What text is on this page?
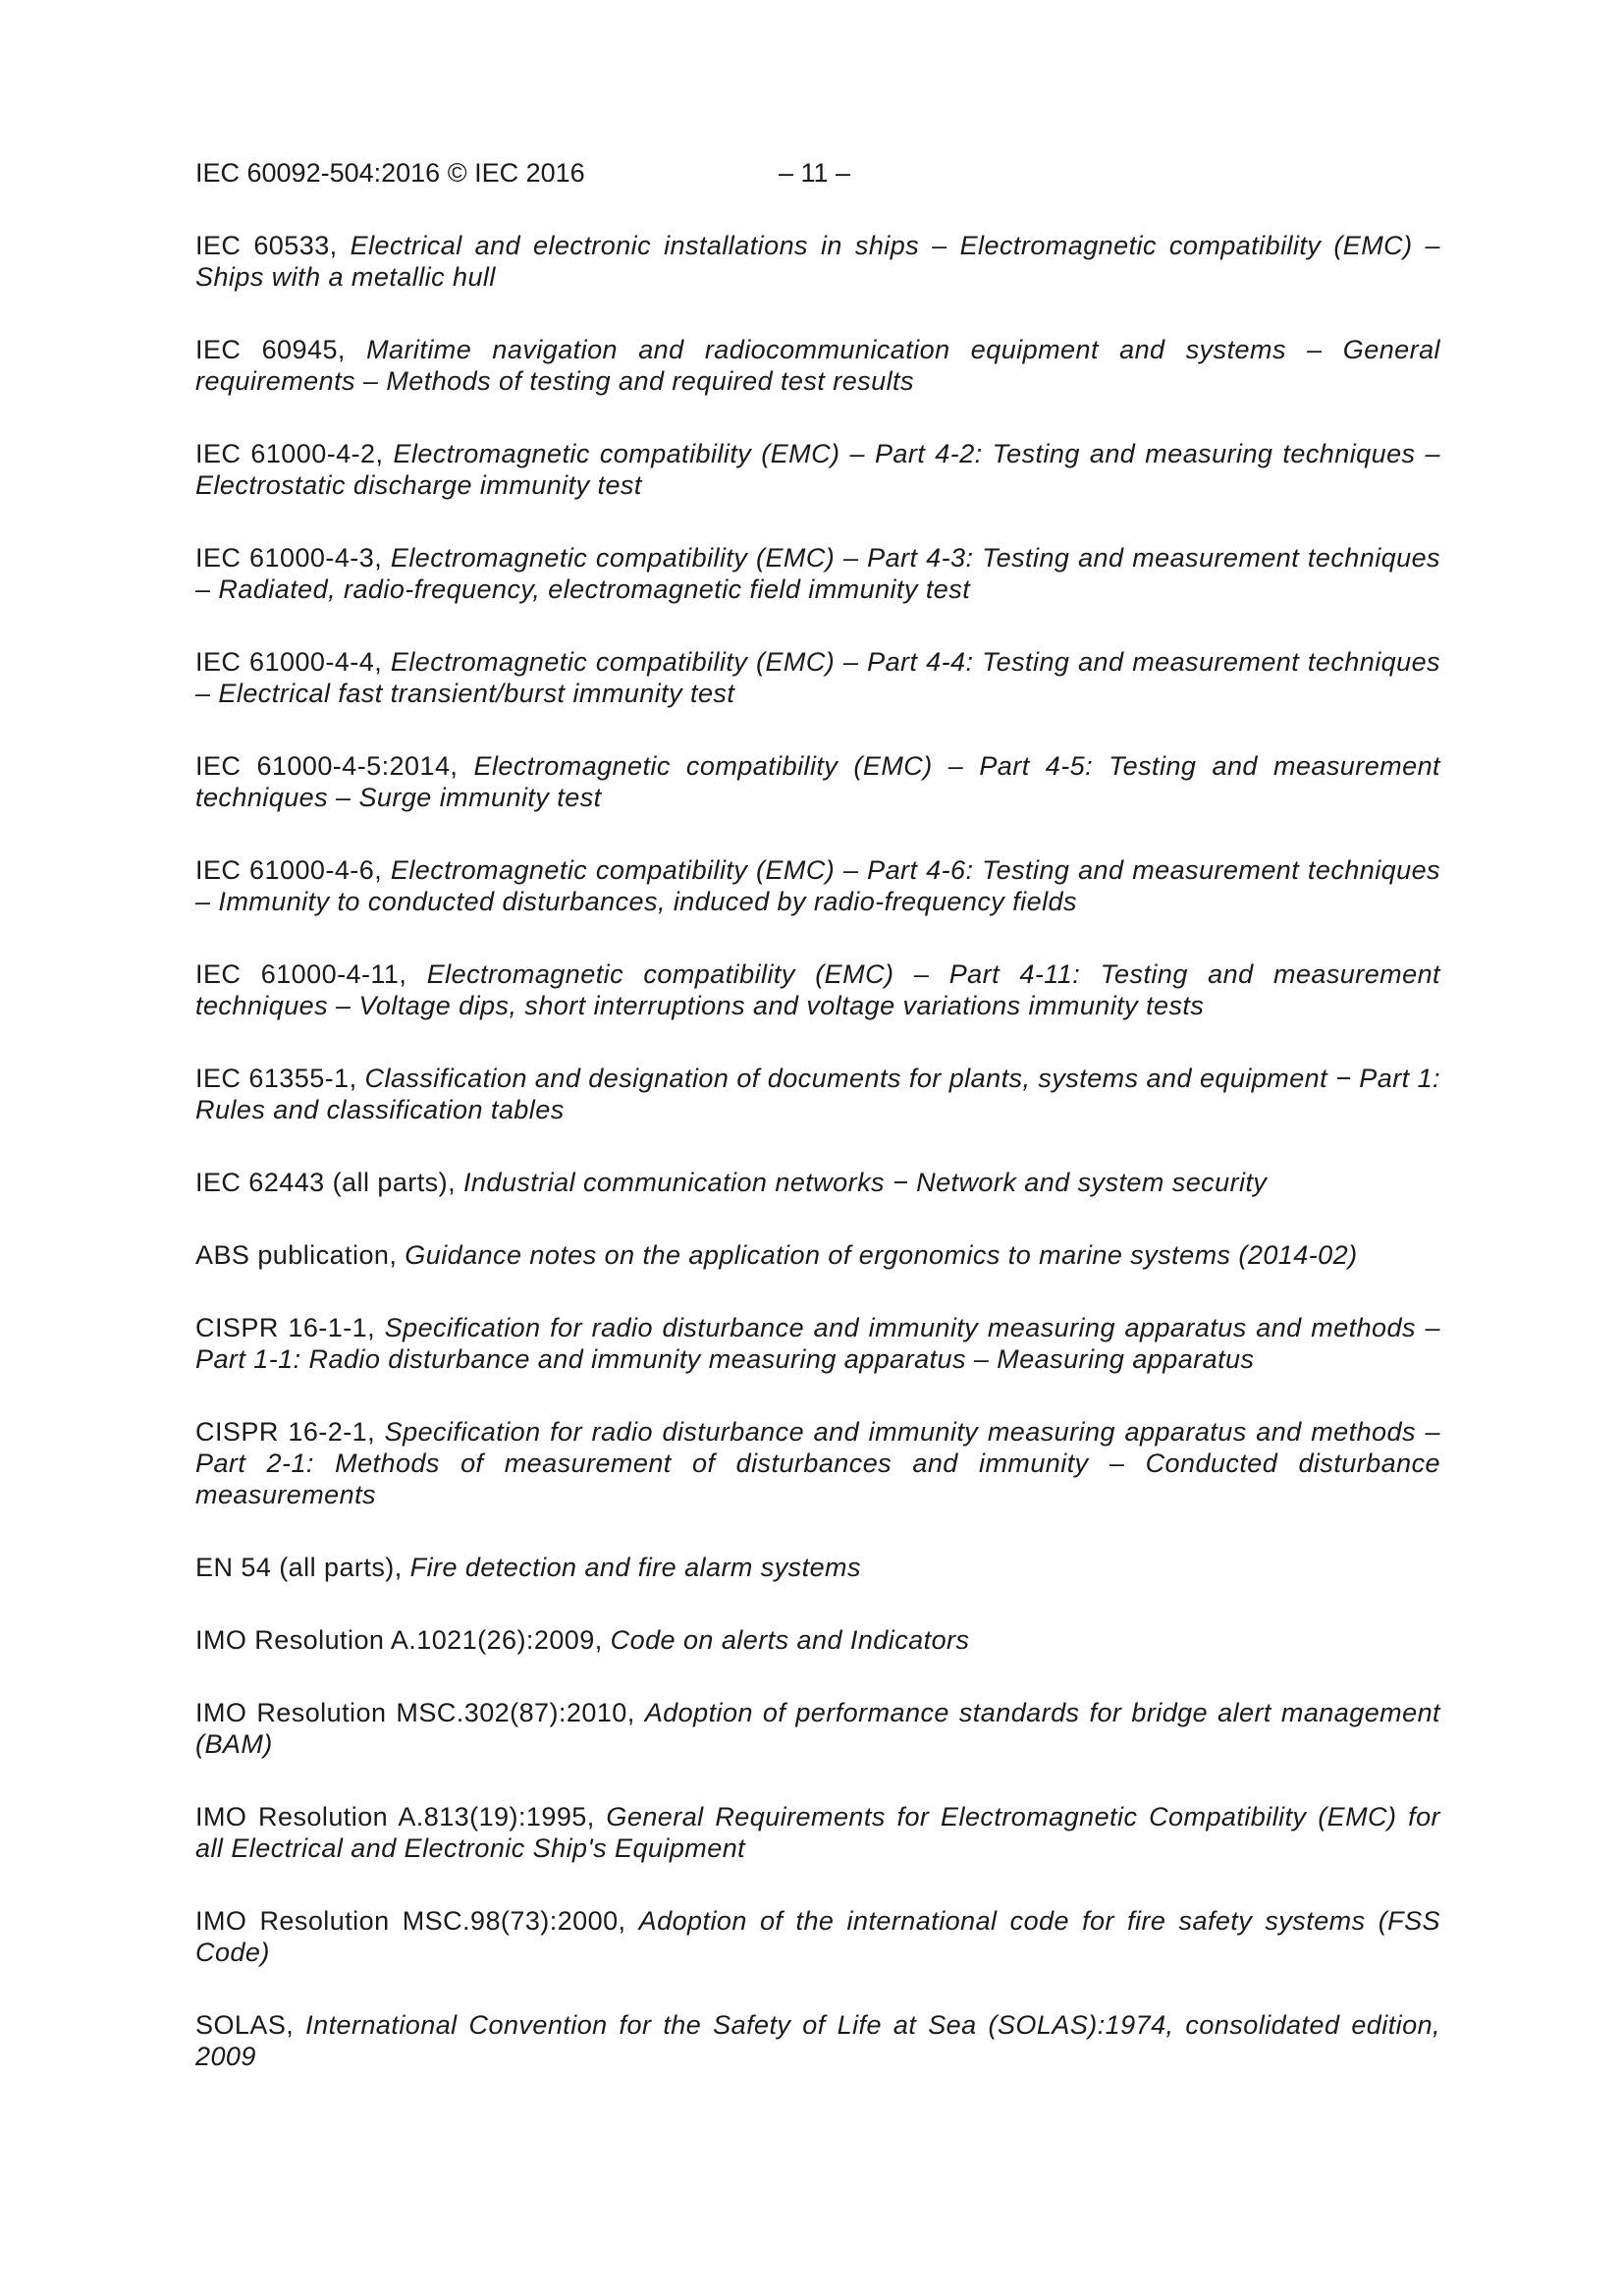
IEC 60092-504:2016 © IEC 2016	– 11 –
IEC 60533, Electrical and electronic installations in ships – Electromagnetic compatibility (EMC) – Ships with a metallic hull
IEC 60945, Maritime navigation and radiocommunication equipment and systems – General requirements – Methods of testing and required test results
IEC 61000-4-2, Electromagnetic compatibility (EMC) – Part 4-2: Testing and measuring techniques – Electrostatic discharge immunity test
IEC 61000-4-3, Electromagnetic compatibility (EMC) – Part 4-3: Testing and measurement techniques – Radiated, radio-frequency, electromagnetic field immunity test
IEC 61000-4-4, Electromagnetic compatibility (EMC) – Part 4-4: Testing and measurement techniques – Electrical fast transient/burst immunity test
IEC 61000-4-5:2014, Electromagnetic compatibility (EMC) – Part 4-5: Testing and measurement techniques – Surge immunity test
IEC 61000-4-6, Electromagnetic compatibility (EMC) – Part 4-6: Testing and measurement techniques – Immunity to conducted disturbances, induced by radio-frequency fields
IEC 61000-4-11, Electromagnetic compatibility (EMC) – Part 4-11: Testing and measurement techniques – Voltage dips, short interruptions and voltage variations immunity tests
IEC 61355-1, Classification and designation of documents for plants, systems and equipment − Part 1: Rules and classification tables
IEC 62443 (all parts), Industrial communication networks − Network and system security
ABS publication, Guidance notes on the application of ergonomics to marine systems (2014-02)
CISPR 16-1-1, Specification for radio disturbance and immunity measuring apparatus and methods – Part 1-1: Radio disturbance and immunity measuring apparatus – Measuring apparatus
CISPR 16-2-1, Specification for radio disturbance and immunity measuring apparatus and methods – Part 2-1: Methods of measurement of disturbances and immunity – Conducted disturbance measurements
EN 54 (all parts), Fire detection and fire alarm systems
IMO Resolution A.1021(26):2009, Code on alerts and Indicators
IMO Resolution MSC.302(87):2010, Adoption of performance standards for bridge alert management (BAM)
IMO Resolution A.813(19):1995, General Requirements for Electromagnetic Compatibility (EMC) for all Electrical and Electronic Ship's Equipment
IMO Resolution MSC.98(73):2000, Adoption of the international code for fire safety systems (FSS Code)
SOLAS, International Convention for the Safety of Life at Sea (SOLAS):1974, consolidated edition, 2009
